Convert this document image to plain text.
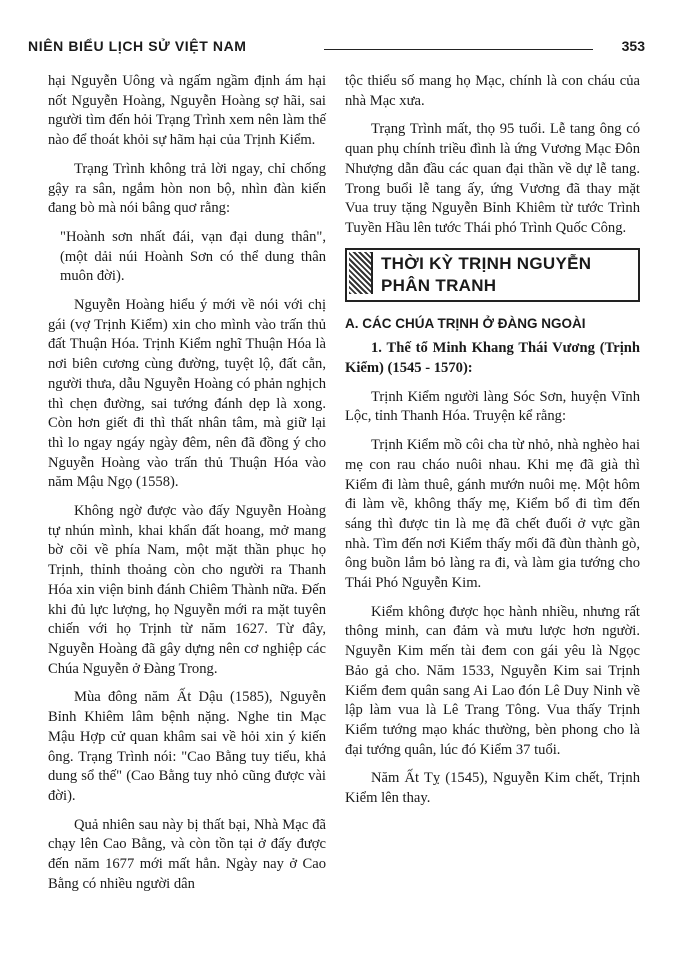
NIÊN BIỂU LỊCH SỬ VIỆT NAM	353

hại Nguyễn Uông và ngấm ngầm định ám hại nốt Nguyễn Hoàng, Nguyễn Hoàng sợ hãi, sai người tìm đến hỏi Trạng Trình xem nên làm thế nào để thoát khỏi sự hãm hại của Trịnh Kiểm.

Trạng Trình không trả lời ngay, chỉ chống gậy ra sân, ngắm hòn non bộ, nhìn đàn kiến đang bò mà nói bâng quơ rằng:

"Hoành sơn nhất đái, vạn đại dung thân", (một dải núi Hoành Sơn có thể dung thân muôn đời).

Nguyễn Hoàng hiểu ý mới về nói với chị gái (vợ Trịnh Kiểm) xin cho mình vào trấn thủ đất Thuận Hóa. Trịnh Kiểm nghĩ Thuận Hóa là nơi biên cương cùng đường, tuyệt lộ, đất cằn, người thưa, dẫu Nguyễn Hoàng có phản nghịch thì chẹn đường, sai tướng đánh dẹp là xong. Còn hơn giết đi thì thất nhân tâm, mà giữ lại thì lo ngay ngáy ngày đêm, nên đã đồng ý cho Nguyễn Hoàng vào trấn thủ Thuận Hóa vào năm Mậu Ngọ (1558).

Không ngờ được vào đấy Nguyễn Hoàng tự nhún mình, khai khẩn đất hoang, mở mang bờ cõi về phía Nam, một mặt thần phục họ Trịnh, thỉnh thoảng còn cho người ra Thanh Hóa xin viện binh đánh Chiêm Thành nữa. Đến khi đủ lực lượng, họ Nguyễn mới ra mặt tuyên chiến với họ Trịnh từ năm 1627. Từ đây, Nguyễn Hoàng đã gây dựng nên cơ nghiệp các Chúa Nguyễn ở Đàng Trong.

Mùa đông năm Ất Dậu (1585), Nguyễn Bỉnh Khiêm lâm bệnh nặng. Nghe tin Mạc Mậu Hợp cử quan khâm sai về hỏi xin ý kiến ông. Trạng Trình nói: "Cao Bằng tuy tiểu, khả dung sổ thế" (Cao Bằng tuy nhỏ cũng được vài đời).

Quả nhiên sau này bị thất bại, Nhà Mạc đã chạy lên Cao Bằng, và còn tồn tại ở đấy được đến năm 1677 mới mất hẳn. Ngày nay ở Cao Bằng có nhiều người dân

tộc thiểu số mang họ Mạc, chính là con cháu của nhà Mạc xưa.

Trạng Trình mất, thọ 95 tuổi. Lễ tang ông có quan phụ chính triều đình là ứng Vương Mạc Đôn Nhượng dẫn đầu các quan đại thần về dự lễ tang. Trong buổi lễ tang ấy, ứng Vương đã thay mặt Vua truy tặng Nguyễn Bỉnh Khiêm từ tước Trình Tuyền Hầu lên tước Thái phó Trình Quốc Công.

THỜI KỲ TRỊNH NGUYỄN
PHÂN TRANH
A. CÁC CHÚA TRỊNH Ở ĐÀNG NGOÀI

1. Thế tổ Minh Khang Thái Vương (Trịnh Kiểm) (1545 - 1570):

Trịnh Kiểm người làng Sóc Sơn, huyện Vĩnh Lộc, tỉnh Thanh Hóa. Truyện kể rằng:

Trịnh Kiểm mồ côi cha từ nhỏ, nhà nghèo hai mẹ con rau cháo nuôi nhau. Khi mẹ đã già thì Kiểm đi làm thuê, gánh mướn nuôi mẹ. Một hôm đi làm về, không thấy mẹ, Kiểm bổ đi tìm đến sáng thì được tin là mẹ đã chết đuối ở vực gần nhà. Tìm đến nơi Kiểm thấy mối đã đùn thành gò, ông buồn lắm bỏ làng ra đi, và làm gia tướng cho Thái Phó Nguyễn Kim.

Kiểm không được học hành nhiều, nhưng rất thông minh, can đảm và mưu lược hơn người. Nguyễn Kim mến tài đem con gái yêu là Ngọc Bảo gả cho. Năm 1533, Nguyễn Kim sai Trịnh Kiểm đem quân sang Ai Lao đón Lê Duy Ninh về lập làm vua là Lê Trang Tông. Vua thấy Trịnh Kiểm tướng mạo khác thường, bèn phong cho là đại tướng quân, lúc đó Kiểm 37 tuổi.

Năm Ất Tỵ (1545), Nguyễn Kim chết, Trịnh Kiểm lên thay.
